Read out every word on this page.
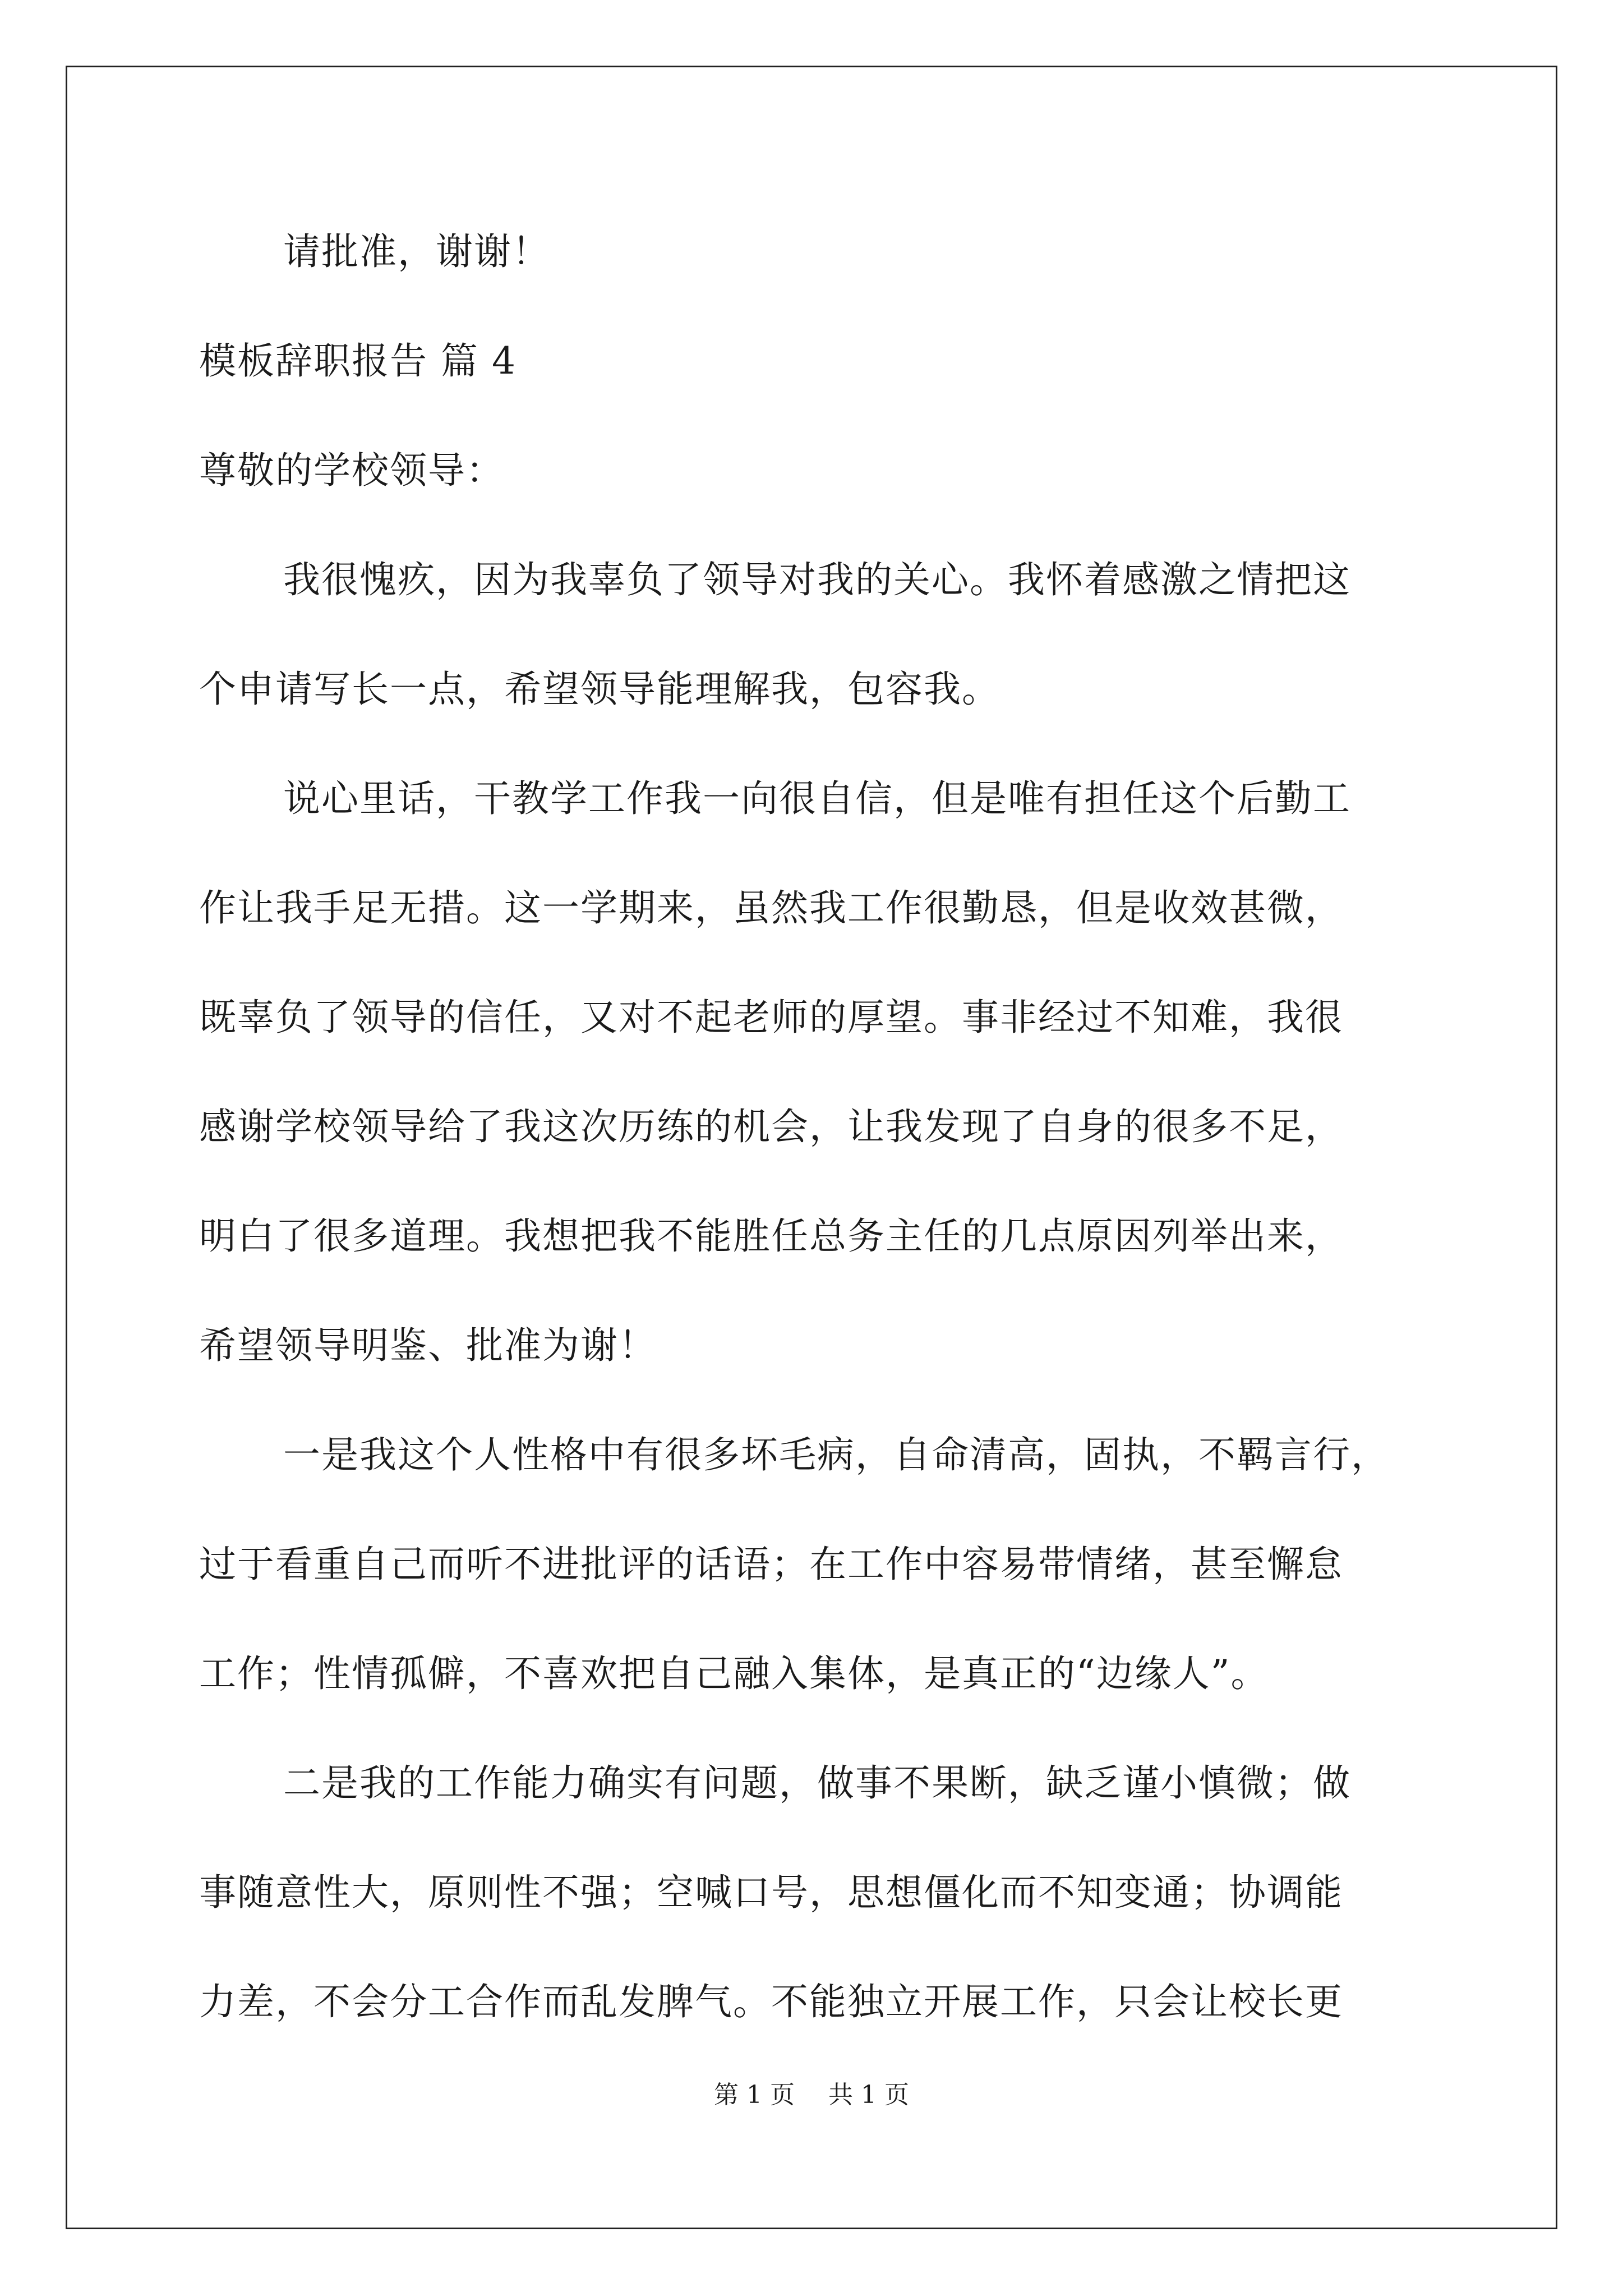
请批准，谢谢！
模板辞职报告 篇 4
尊敬的学校领导：
我很愧疚，因为我辜负了领导对我的关心。我怀着感激之情把这
个申请写长一点，希望领导能理解我，包容我。
说心里话，干教学工作我一向很自信，但是唯有担任这个后勤工
作让我手足无措。这一学期来，虽然我工作很勤恳，但是收效甚微，
既辜负了领导的信任，又对不起老师的厚望。事非经过不知难，我很
感谢学校领导给了我这次历练的机会，让我发现了自身的很多不足，
明白了很多道理。我想把我不能胜任总务主任的几点原因列举出来，
希望领导明鉴、批准为谢！
一是我这个人性格中有很多坏毛病，自命清高，固执，不羁言行，
过于看重自己而听不进批评的话语；在工作中容易带情绪，甚至懈怠
工作；性情孤僻，不喜欢把自己融入集体，是真正的“边缘人”。
二是我的工作能力确实有问题，做事不果断，缺乏谨小慎微；做
事随意性大，原则性不强；空喊口号，思想僵化而不知变通；协调能
力差，不会分工合作而乱发脾气。不能独立开展工作，只会让校长更
第 1 页 共 1 页
